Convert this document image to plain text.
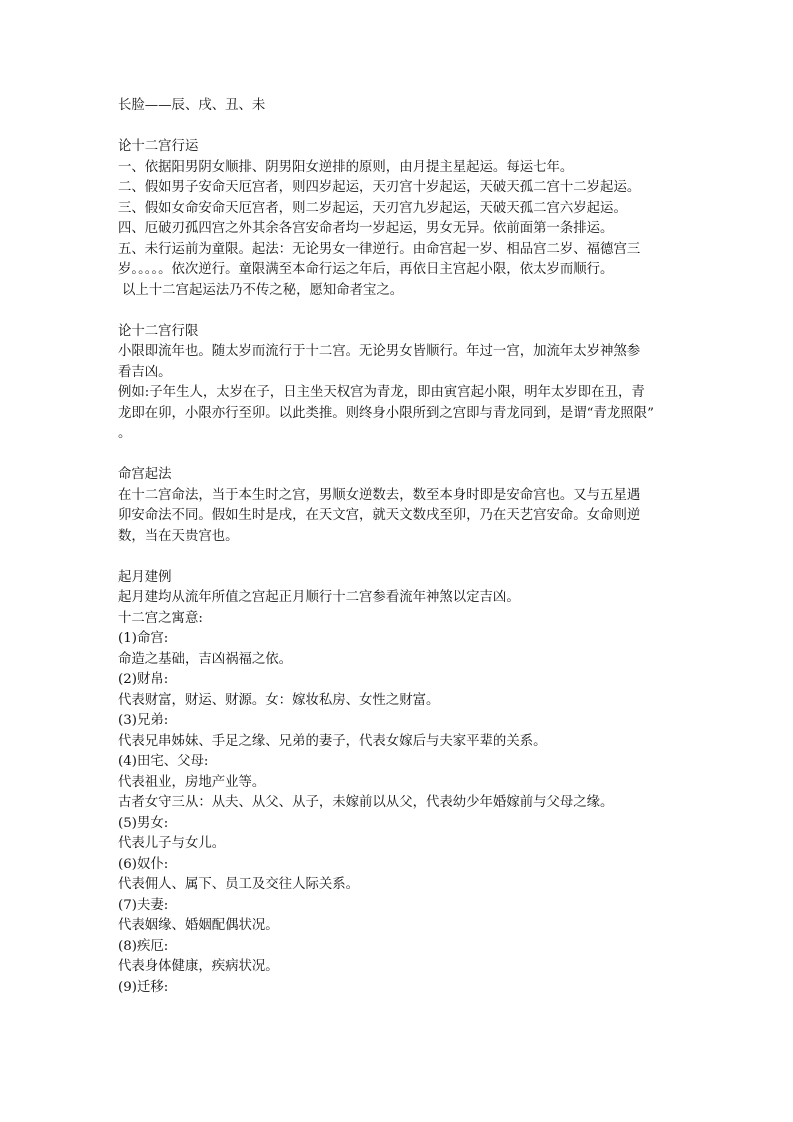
长脸——辰、戌、丑、未
论十二宫行运
一、依据阳男阴女顺排、阴男阳女逆排的原则，由月提主星起运。每运七年。
二、假如男子安命天厄宫者，则四岁起运，天刃宫十岁起运，天破天孤二宫十二岁起运。
三、假如女命安命天厄宫者，则二岁起运，天刃宫九岁起运，天破天孤二宫六岁起运。
四、厄破刃孤四宫之外其余各宫安命者均一岁起运，男女无异。依前面第一条排运。
五、未行运前为童限。起法：无论男女一律逆行。由命宫起一岁、相品宫二岁、福德宫三
岁。。。。。依次逆行。童限满至本命行运之年后，再依日主宫起小限，依太岁而顺行。
以上十二宫起运法乃不传之秘，愿知命者宝之。
论十二宫行限
小限即流年也。随太岁而流行于十二宫。无论男女皆顺行。年过一宫，加流年太岁神煞参
看吉凶。
例如:子年生人，太岁在子，日主坐天权宫为青龙，即由寅宫起小限，明年太岁即在丑，青
龙即在卯，小限亦行至卯。以此类推。则终身小限所到之宫即与青龙同到，是谓“青龙照限”
。
命宫起法
在十二宫命法，当于本生时之宫，男顺女逆数去，数至本身时即是安命宫也。又与五星遇
卯安命法不同。假如生时是戌，在天文宫，就天文数戌至卯，乃在天艺宫安命。女命则逆
数，当在天贵宫也。
起月建例
起月建均从流年所值之宫起正月顺行十二宫参看流年神煞以定吉凶。
十二宫之寓意:
(1)命宫:
命造之基础，吉凶祸福之依。
(2)财帛:
代表财富，财运、财源。女：嫁妆私房、女性之财富。
(3)兄弟:
代表兄串姊妹、手足之缘、兄弟的妻子，代表女嫁后与夫家平辈的关系。
(4)田宅、父母:
代表祖业，房地产业等。
古者女守三从：从夫、从父、从子，未嫁前以从父，代表幼少年婚嫁前与父母之缘。
(5)男女:
代表儿子与女儿。
(6)奴仆:
代表佣人、属下、员工及交往人际关系。
(7)夫妻:
代表姻缘、婚姻配偶状况。
(8)疾厄:
代表身体健康，疾病状况。
(9)迁移:
